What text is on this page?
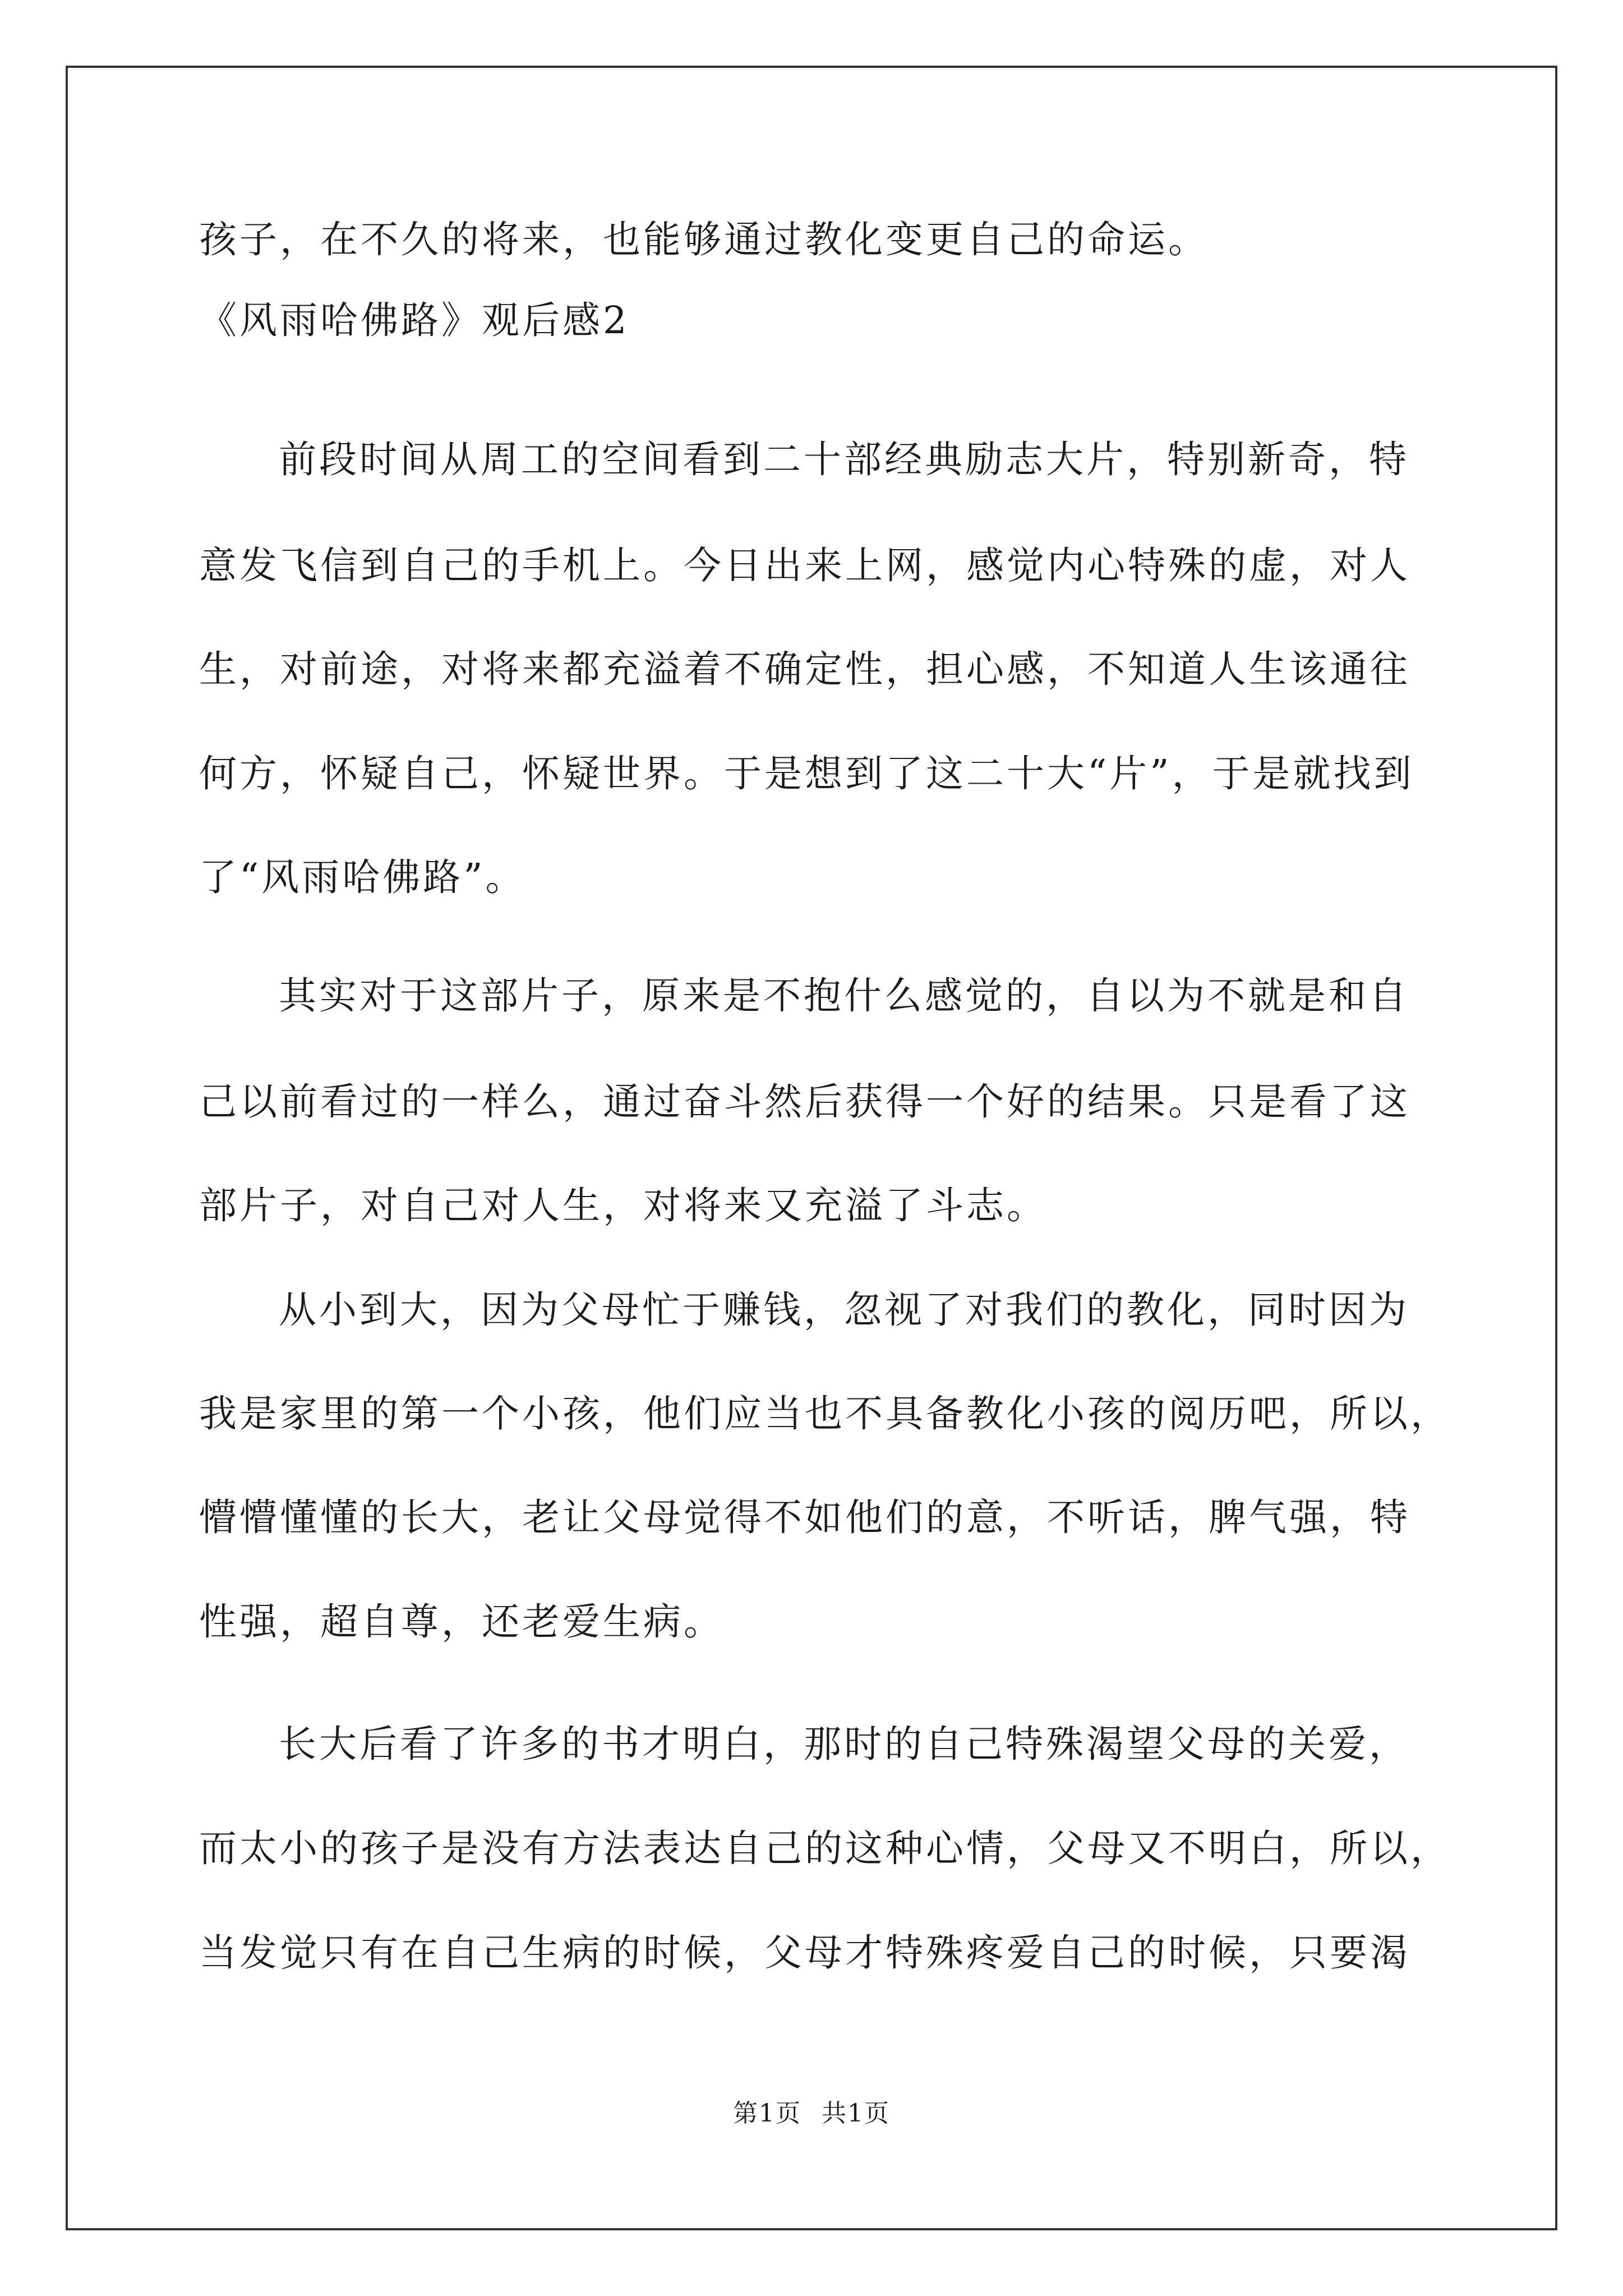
孩子，在不久的将来，也能够通过教化变更自己的命运。
《风雨哈佛路》观后感2
前段时间从周工的空间看到二十部经典励志大片，特别新奇，特
意发飞信到自己的手机上。今日出来上网，感觉内心特殊的虚，对人
生，对前途，对将来都充溢着不确定性，担心感，不知道人生该通往
何方，怀疑自己，怀疑世界。于是想到了这二十大“片”，于是就找到
了“风雨哈佛路”。
其实对于这部片子，原来是不抱什么感觉的，自以为不就是和自
己以前看过的一样么，通过奋斗然后获得一个好的结果。只是看了这
部片子，对自己对人生，对将来又充溢了斗志。
从小到大，因为父母忙于赚钱，忽视了对我们的教化，同时因为
我是家里的第一个小孩，他们应当也不具备教化小孩的阅历吧，所以，
懵懵懂懂的长大，老让父母觉得不如他们的意，不听话，脾气强，特
性强，超自尊，还老爱生病。
长大后看了许多的书才明白，那时的自己特殊渴望父母的关爱，
而太小的孩子是没有方法表达自己的这种心情，父母又不明白，所以，
当发觉只有在自己生病的时候，父母才特殊疼爱自己的时候，只要渴
第1页 共1页
